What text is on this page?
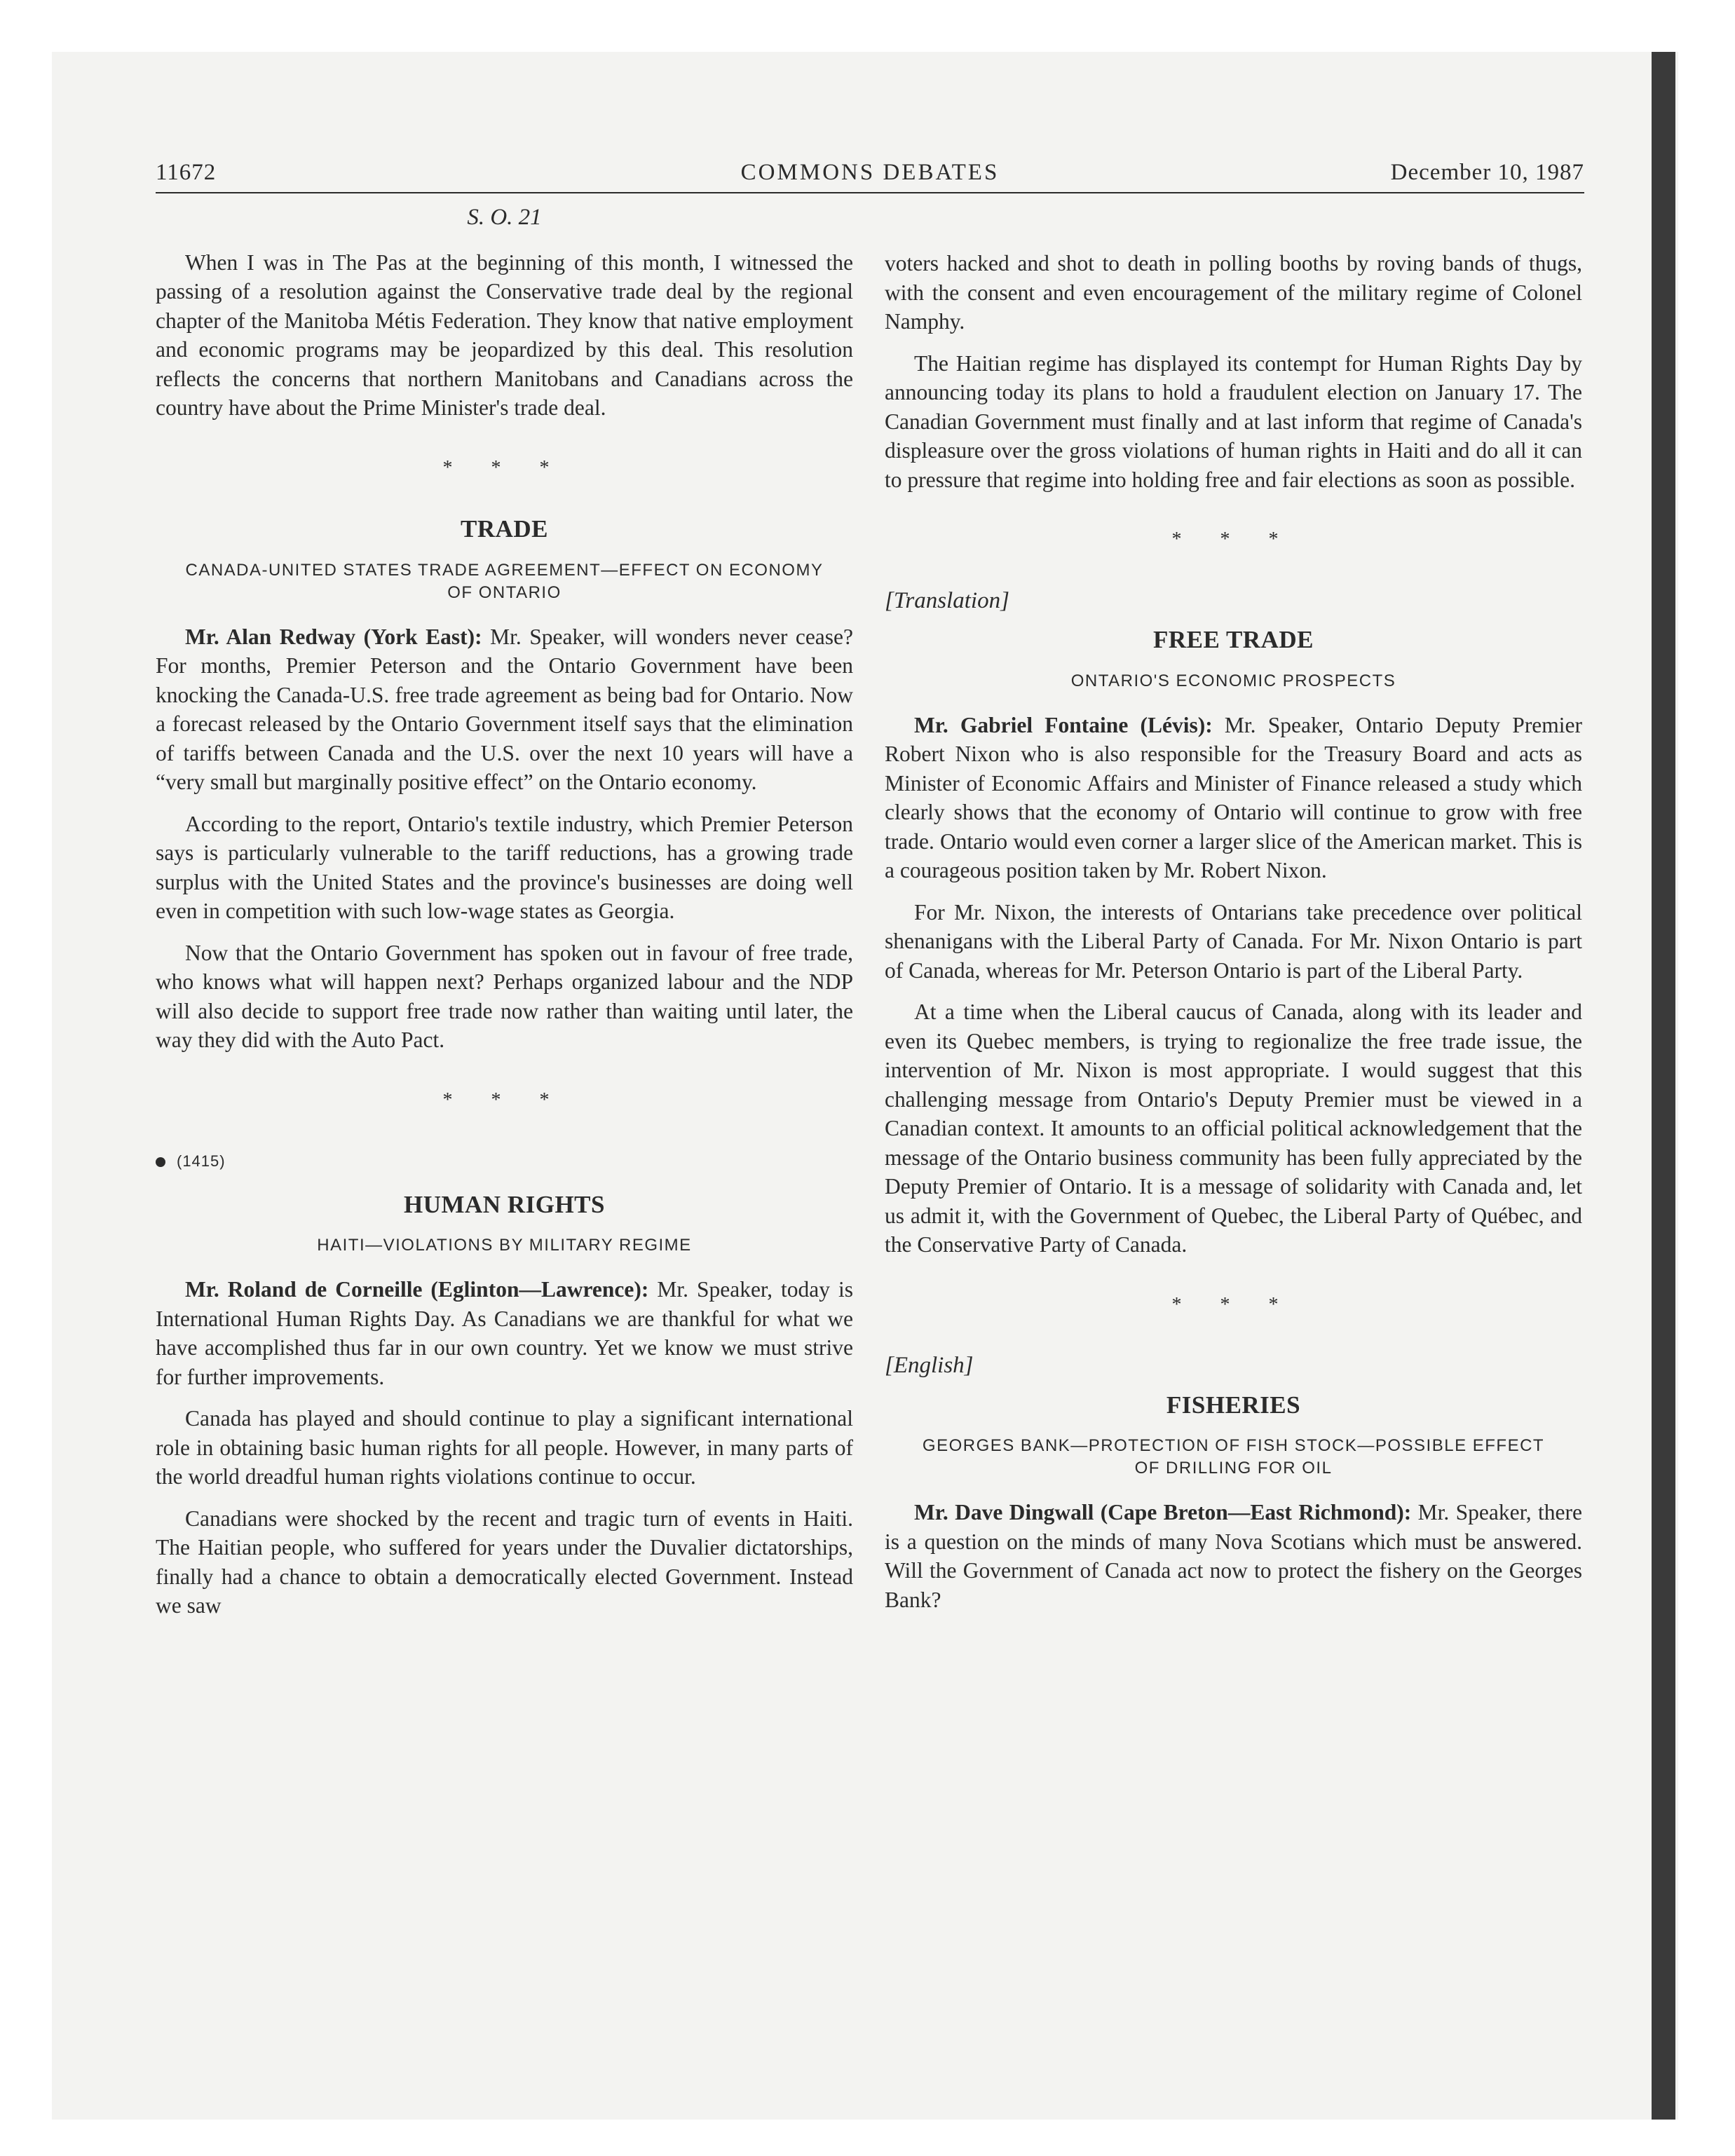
11672	COMMONS DEBATES	December 10, 1987
S. O. 21

When I was in The Pas at the beginning of this month, I witnessed the passing of a resolution against the Conservative trade deal by the regional chapter of the Manitoba Métis Federation. They know that native employment and economic programs may be jeopardized by this deal. This resolution reflects the concerns that northern Manitobans and Canadians across the country have about the Prime Minister's trade deal.

* * *
TRADE
CANADA-UNITED STATES TRADE AGREEMENT—EFFECT ON ECONOMY OF ONTARIO

Mr. Alan Redway (York East): Mr. Speaker, will wonders never cease? For months, Premier Peterson and the Ontario Government have been knocking the Canada-U.S. free trade agreement as being bad for Ontario. Now a forecast released by the Ontario Government itself says that the elimination of tariffs between Canada and the U.S. over the next 10 years will have a “very small but marginally positive effect” on the Ontario economy.

According to the report, Ontario's textile industry, which Premier Peterson says is particularly vulnerable to the tariff reductions, has a growing trade surplus with the United States and the province's businesses are doing well even in competition with such low-wage states as Georgia.

Now that the Ontario Government has spoken out in favour of free trade, who knows what will happen next? Perhaps organized labour and the NDP will also decide to support free trade now rather than waiting until later, the way they did with the Auto Pact.

* * *
(1415)
HUMAN RIGHTS
HAITI—VIOLATIONS BY MILITARY REGIME

Mr. Roland de Corneille (Eglinton—Lawrence): Mr. Speaker, today is International Human Rights Day. As Canadians we are thankful for what we have accomplished thus far in our own country. Yet we know we must strive for further improvements.

Canada has played and should continue to play a significant international role in obtaining basic human rights for all people. However, in many parts of the world dreadful human rights violations continue to occur.

Canadians were shocked by the recent and tragic turn of events in Haiti. The Haitian people, who suffered for years under the Duvalier dictatorships, finally had a chance to obtain a democratically elected Government. Instead we saw

voters hacked and shot to death in polling booths by roving bands of thugs, with the consent and even encouragement of the military regime of Colonel Namphy.

The Haitian regime has displayed its contempt for Human Rights Day by announcing today its plans to hold a fraudulent election on January 17. The Canadian Government must finally and at last inform that regime of Canada's displeasure over the gross violations of human rights in Haiti and do all it can to pressure that regime into holding free and fair elections as soon as possible.

* * *
[Translation]
FREE TRADE
ONTARIO'S ECONOMIC PROSPECTS

Mr. Gabriel Fontaine (Lévis): Mr. Speaker, Ontario Deputy Premier Robert Nixon who is also responsible for the Treasury Board and acts as Minister of Economic Affairs and Minister of Finance released a study which clearly shows that the economy of Ontario will continue to grow with free trade. Ontario would even corner a larger slice of the American market. This is a courageous position taken by Mr. Robert Nixon.

For Mr. Nixon, the interests of Ontarians take precedence over political shenanigans with the Liberal Party of Canada. For Mr. Nixon Ontario is part of Canada, whereas for Mr. Peterson Ontario is part of the Liberal Party.

At a time when the Liberal caucus of Canada, along with its leader and even its Quebec members, is trying to regionalize the free trade issue, the intervention of Mr. Nixon is most appropriate. I would suggest that this challenging message from Ontario's Deputy Premier must be viewed in a Canadian context. It amounts to an official political acknowledgement that the message of the Ontario business community has been fully appreciated by the Deputy Premier of Ontario. It is a message of solidarity with Canada and, let us admit it, with the Government of Quebec, the Liberal Party of Québec, and the Conservative Party of Canada.

* * *
[English]
FISHERIES
GEORGES BANK—PROTECTION OF FISH STOCK—POSSIBLE EFFECT OF DRILLING FOR OIL

Mr. Dave Dingwall (Cape Breton—East Richmond): Mr. Speaker, there is a question on the minds of many Nova Scotians which must be answered. Will the Government of Canada act now to protect the fishery on the Georges Bank?
